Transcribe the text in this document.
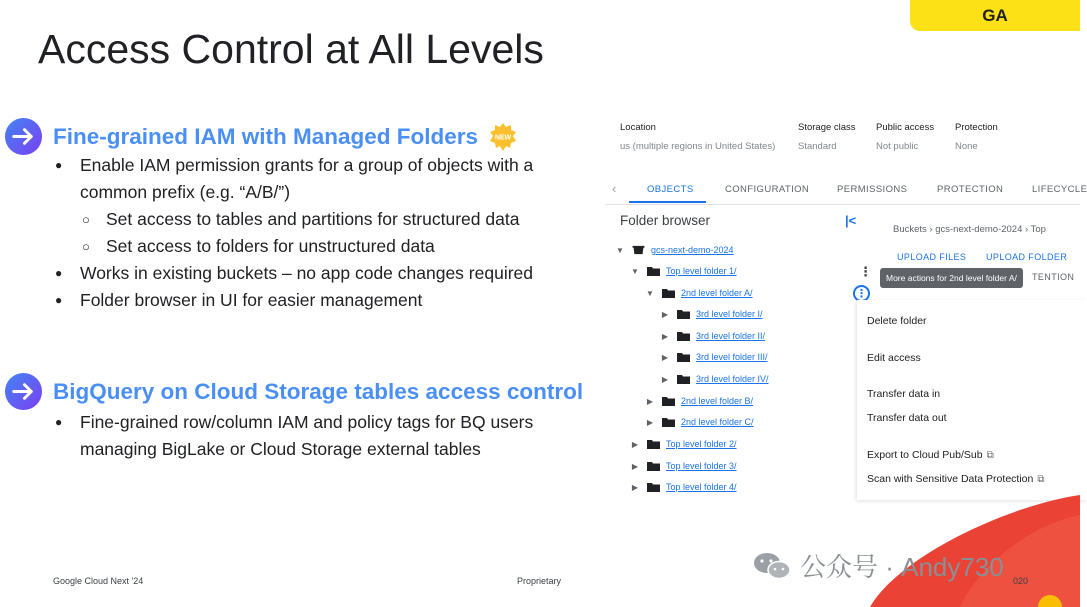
GA
Access Control at All Levels
Fine-grained IAM with Managed Folders NEW
● Enable IAM permission grants for a group of objects with a common prefix (e.g. “A/B/”)
○ Set access to tables and partitions for structured data
○ Set access to folders for unstructured data
● Works in existing buckets – no app code changes required
● Folder browser in UI for easier management
BigQuery on Cloud Storage tables access control
● Fine-grained row/column IAM and policy tags for BQ users managing BigLake or Cloud Storage external tables
Location
us (multiple regions in United States)
Storage class
Standard
Public access
Not public
Protection
None
‹	OBJECTS	CONFIGURATION	PERMISSIONS	PROTECTION	LIFECYCLE
Folder browser	|<
▼	gcs-next-demo-2024
▼	Top level folder 1/	⋮
▼	2nd level folder A/	⋮
▶	3rd level folder I/
▶	3rd level folder II/
▶	3rd level folder III/
▶	3rd level folder IV/
▶	2nd level folder B/
▶	2nd level folder C/
▶	Top level folder 2/
▶	Top level folder 3/
▶	Top level folder 4/
Buckets › gcs-next-demo-2024 › Top
UPLOAD FILES UPLOAD FOLDER
TENTION
More actions for 2nd level folder A/
Delete folder
Edit access
Transfer data in
Transfer data out
Export to Cloud Pub/Sub ⧉
Scan with Sensitive Data Protection ⧉
Google Cloud Next '24	Proprietary	020
公众号 · Andy730
